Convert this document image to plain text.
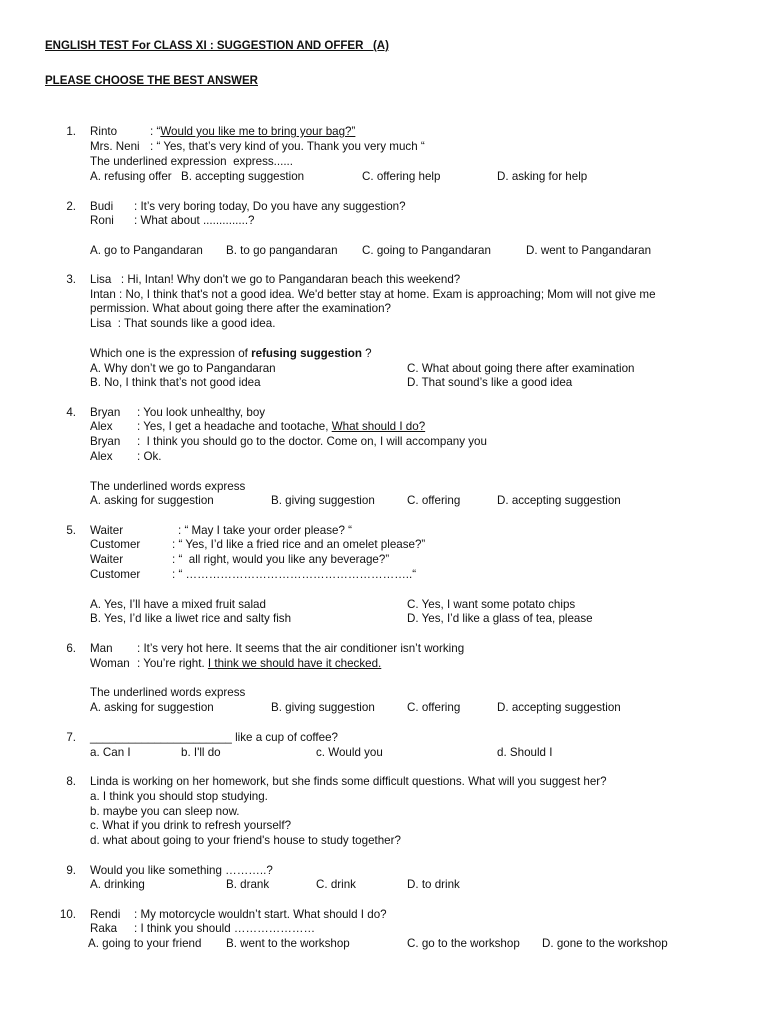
ENGLISH TEST For CLASS XI : SUGGESTION AND OFFER   (A)
PLEASE CHOOSE THE BEST ANSWER
1. Rinto	: “Would you like me to bring your bag?”
Mrs. Neni : “ Yes, that’s very kind of you. Thank you very much “
The underlined expression  express......
A. refusing offer B. accepting suggestion	C. offering help	D. asking for help
2. Budi : It’s very boring today, Do you have any suggestion?
Roni : What about ..............?
A. go to Pangandaran B. to go pangandaran C. going to Pangandaran	D. went to Pangandaran
3. Lisa   : Hi, Intan! Why don't we go to Pangandaran beach this weekend?
Intan : No, I think that's not a good idea. We'd better stay at home. Exam is approaching; Mom will not give me
permission. What about going there after the examination?
Lisa  : That sounds like a good idea.
Which one is the expression of refusing suggestion ?
A. Why don’t we go to Pangandaran	C. What about going there after examination
B. No, I think that’s not good idea	D. That sound’s like a good idea
4. Bryan : You look unhealthy, boy
Alex : Yes, I get a headache and tootache, What should I do?
Bryan :  I think you should go to the doctor. Come on, I will accompany you
Alex : Ok.
The underlined words express
A. asking for suggestion	B. giving suggestion	C. offering	D. accepting suggestion
5. Waiter	: “ May I take your order please? “
Customer	: “ Yes, I’d like a fried rice and an omelet please?”
Waiter	: “  all right, would you like any beverage?”
Customer	: “ …………………………………………………..“
A. Yes, I’ll have a mixed fruit salad	C. Yes, I want some potato chips
B. Yes, I’d like a liwet rice and salty fish	D. Yes, I’d like a glass of tea, please
6. Man : It’s very hot here. It seems that the air conditioner isn’t working
Woman : You’re right. I think we should have it checked.
The underlined words express
A. asking for suggestion	B. giving suggestion	C. offering	D. accepting suggestion
7. ______________________ like a cup of coffee?
a. Can I	b. I'll do	c. Would you	d. Should I
8. Linda is working on her homework, but she finds some difficult questions. What will you suggest her?
a. I think you should stop studying.
b. maybe you can sleep now.
c. What if you drink to refresh yourself?
d. what about going to your friend's house to study together?
9. Would you like something ………..?
A. drinking	B. drank	C. drink	D. to drink
10. Rendi : My motorcycle wouldn’t start. What should I do?
Raka : I think you should …………………
A. going to your friend B. went to the workshop	C. go to the workshop D. gone to the workshop
